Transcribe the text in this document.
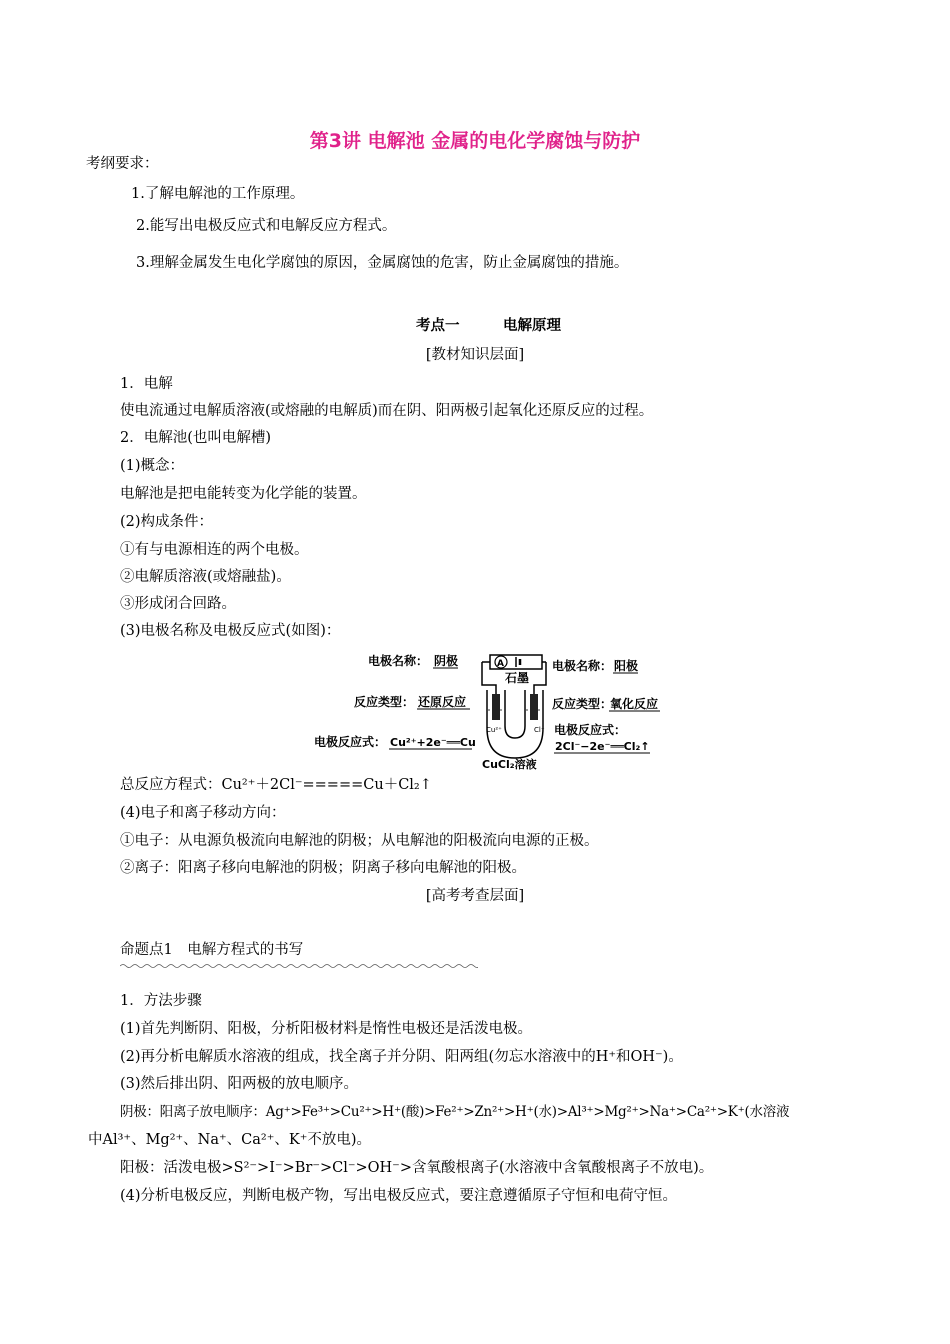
第3讲 电解池 金属的电化学腐蚀与防护
考纲要求：
1.了解电解池的工作原理。
2.能写出电极反应式和电解反应方程式。
3.理解金属发生电化学腐蚀的原因，金属腐蚀的危害，防止金属腐蚀的措施。
考点一	电解原理
[教材知识层面]
1．电解
使电流通过电解质溶液(或熔融的电解质)而在阴、阳两极引起氧化还原反应的过程。
2．电解池(也叫电解槽)
(1)概念：
电解池是把电能转变为化学能的装置。
(2)构成条件：
①有与电源相连的两个电极。
②电解质溶液(或熔融盐)。
③形成闭合回路。
(3)电极名称及电极反应式(如图)：
电极名称： 阴极
反应类型： 还原反应
电极反应式： Cu²⁺+2e⁻══Cu
A
石墨
Cu²⁺	Cl⁻
CuCl₂溶液
电极名称： 阳极
反应类型：
氧化反应
电极反应式：
2Cl⁻−2e⁻══Cl₂↑
总反应方程式：Cu²⁺＋2Cl⁻=====Cu＋Cl₂↑
(4)电子和离子移动方向：
①电子：从电源负极流向电解池的阴极；从电解池的阳极流向电源的正极。
②离子：阳离子移向电解池的阴极；阴离子移向电解池的阳极。
[高考考查层面]
命题点1　电解方程式的书写
1．方法步骤
(1)首先判断阴、阳极，分析阳极材料是惰性电极还是活泼电极。
(2)再分析电解质水溶液的组成，找全离子并分阴、阳两组(勿忘水溶液中的H⁺和OH⁻)。
(3)然后排出阴、阳两极的放电顺序。
阴极：阳离子放电顺序：Ag⁺>Fe³⁺>Cu²⁺>H⁺(酸)>Fe²⁺>Zn²⁺>H⁺(水)>Al³⁺>Mg²⁺>Na⁺>Ca²⁺>K⁺(水溶液
中Al³⁺、Mg²⁺、Na⁺、Ca²⁺、K⁺不放电)。
阳极：活泼电极>S²⁻>I⁻>Br⁻>Cl⁻>OH⁻>含氧酸根离子(水溶液中含氧酸根离子不放电)。
(4)分析电极反应，判断电极产物，写出电极反应式，要注意遵循原子守恒和电荷守恒。
